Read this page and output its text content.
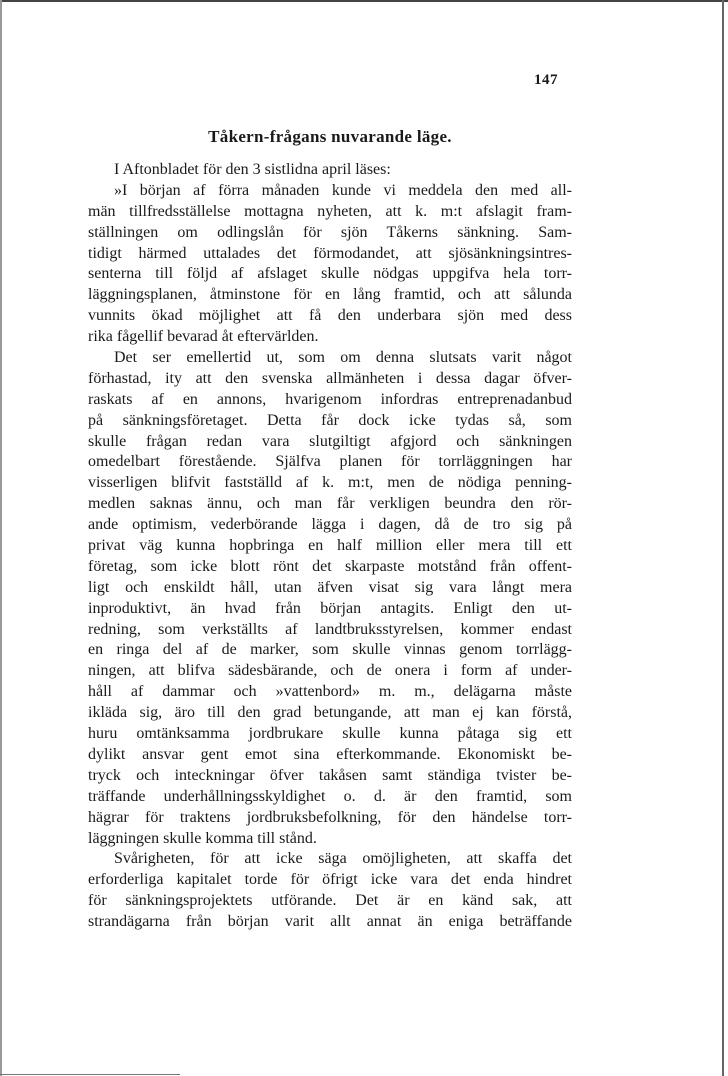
147
Tåkern-frågans nuvarande läge.
I Aftonbladet för den 3 sistlidna april läses:
»I början af förra månaden kunde vi meddela den med all-
män tillfredsställelse mottagna nyheten, att k. m:t afslagit fram-
ställningen om odlingslån för sjön Tåkerns sänkning. Sam-
tidigt härmed uttalades det förmodandet, att sjösänkningsintres-
senterna till följd af afslaget skulle nödgas uppgifva hela torr-
läggningsplanen, åtminstone för en lång framtid, och att sålunda
vunnits ökad möjlighet att få den underbara sjön med dess
rika fågellif bevarad åt eftervärlden.
Det ser emellertid ut, som om denna slutsats varit något
förhastad, ity att den svenska allmänheten i dessa dagar öfver-
raskats af en annons, hvarigenom infordras entreprenadanbud
på sänkningsföretaget. Detta får dock icke tydas så, som
skulle frågan redan vara slutgiltigt afgjord och sänkningen
omedelbart förestående. Själfva planen för torrläggningen har
visserligen blifvit fastställd af k. m:t, men de nödiga penning-
medlen saknas ännu, och man får verkligen beundra den rör-
ande optimism, vederbörande lägga i dagen, då de tro sig på
privat väg kunna hopbringa en half million eller mera till ett
företag, som icke blott rönt det skarpaste motstånd från offent-
ligt och enskildt håll, utan äfven visat sig vara långt mera
inproduktivt, än hvad från början antagits. Enligt den ut-
redning, som verkställts af landtbruksstyrelsen, kommer endast
en ringa del af de marker, som skulle vinnas genom torrlägg-
ningen, att blifva sädesbärande, och de onera i form af under-
håll af dammar och »vattenbord» m. m., delägarna måste
ikläda sig, äro till den grad betungande, att man ej kan förstå,
huru omtänksamma jordbrukare skulle kunna påtaga sig ett
dylikt ansvar gent emot sina efterkommande. Ekonomiskt be-
tryck och inteckningar öfver takåsen samt ständiga tvister be-
träffande underhållningsskyldighet o. d. är den framtid, som
hägrar för traktens jordbruksbefolkning, för den händelse torr-
läggningen skulle komma till stånd.
Svårigheten, för att icke säga omöjligheten, att skaffa det
erforderliga kapitalet torde för öfrigt icke vara det enda hindret
för sänkningsprojektets utförande. Det är en känd sak, att
strandägarna från början varit allt annat än eniga beträffande
